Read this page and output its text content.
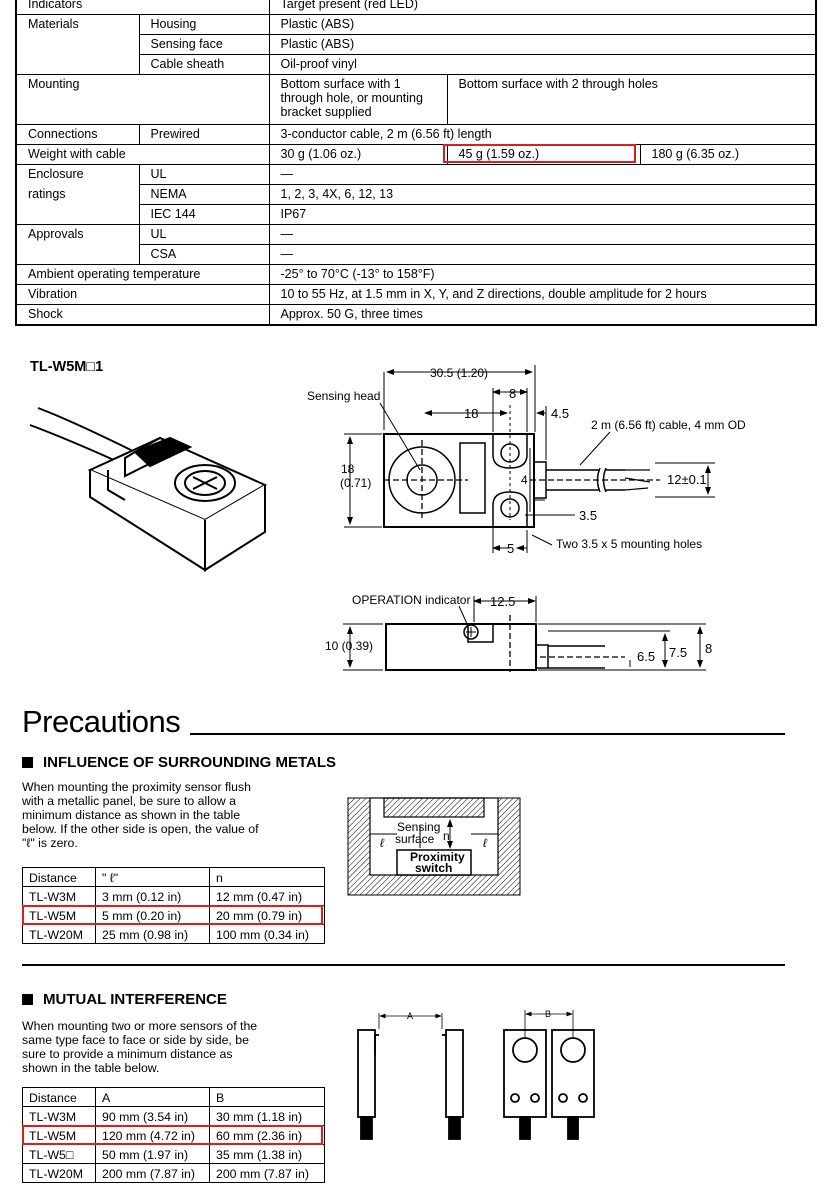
Indicators		Target present (red LED)		
Materials	Housing	Plastic (ABS)		
	Sensing face	Plastic (ABS)		
	Cable sheath	Oil-proof vinyl		
Mounting		Bottom surface with 1 through hole, or mounting bracket supplied	Bottom surface with 2 through holes	
Connections	Prewired	3-conductor cable, 2 m (6.56 ft) length		
Weight with cable		30 g (1.06 oz.)	45 g (1.59 oz.)	180 g (6.35 oz.)
Enclosure	UL	—		
ratings	NEMA	1, 2, 3, 4X, 6, 12, 13		
	IEC 144	IP67		
Approvals	UL	—		
	CSA	—		
Ambient operating temperature		-25° to 70°C (-13° to 158°F)		
Vibration		10 to 55 Hz, at 1.5 mm in X, Y, and Z directions, double amplitude for 2 hours		
Shock		Approx. 50 G, three times		
TL-W5M□1	30.5 (1.20)
8
18	4.5
Sensing head
2 m (6.56 ft) cable, 4 mm OD
18
(0.71)	4	12±0.1
3.5
5	Two 3.5 x 5 mounting holes
OPERATION indicator 12.5
10 (0.39)
6.5 7.5 8
Precautions
INFLUENCE OF SURROUNDING METALS
When mounting the proximity sensor flush with a metallic panel, be sure to allow a minimum distance as shown in the table below. If the other side is open, the value of "ℓ" is zero.
Distance	" ℓ"	n
TL-W3M	3 mm (0.12 in)	12 mm (0.47 in)
TL-W5M	5 mm (0.20 in)	20 mm (0.79 in)
TL-W20M	25 mm (0.98 in)	100 mm (0.34 in)
Sensing
surface n
ℓ	ℓ
Proximity
switch
MUTUAL INTERFERENCE
When mounting two or more sensors of the same type face to face or side by side, be sure to provide a minimum distance as shown in the table below.
Distance	A	B
TL-W3M	90 mm (3.54 in)	30 mm (1.18 in)
TL-W5M	120 mm (4.72 in)	60 mm (2.36 in)
TL-W5□	50 mm (1.97 in)	35 mm (1.38 in)
TL-W20M	200 mm (7.87 in)	200 mm (7.87 in)
A	B
